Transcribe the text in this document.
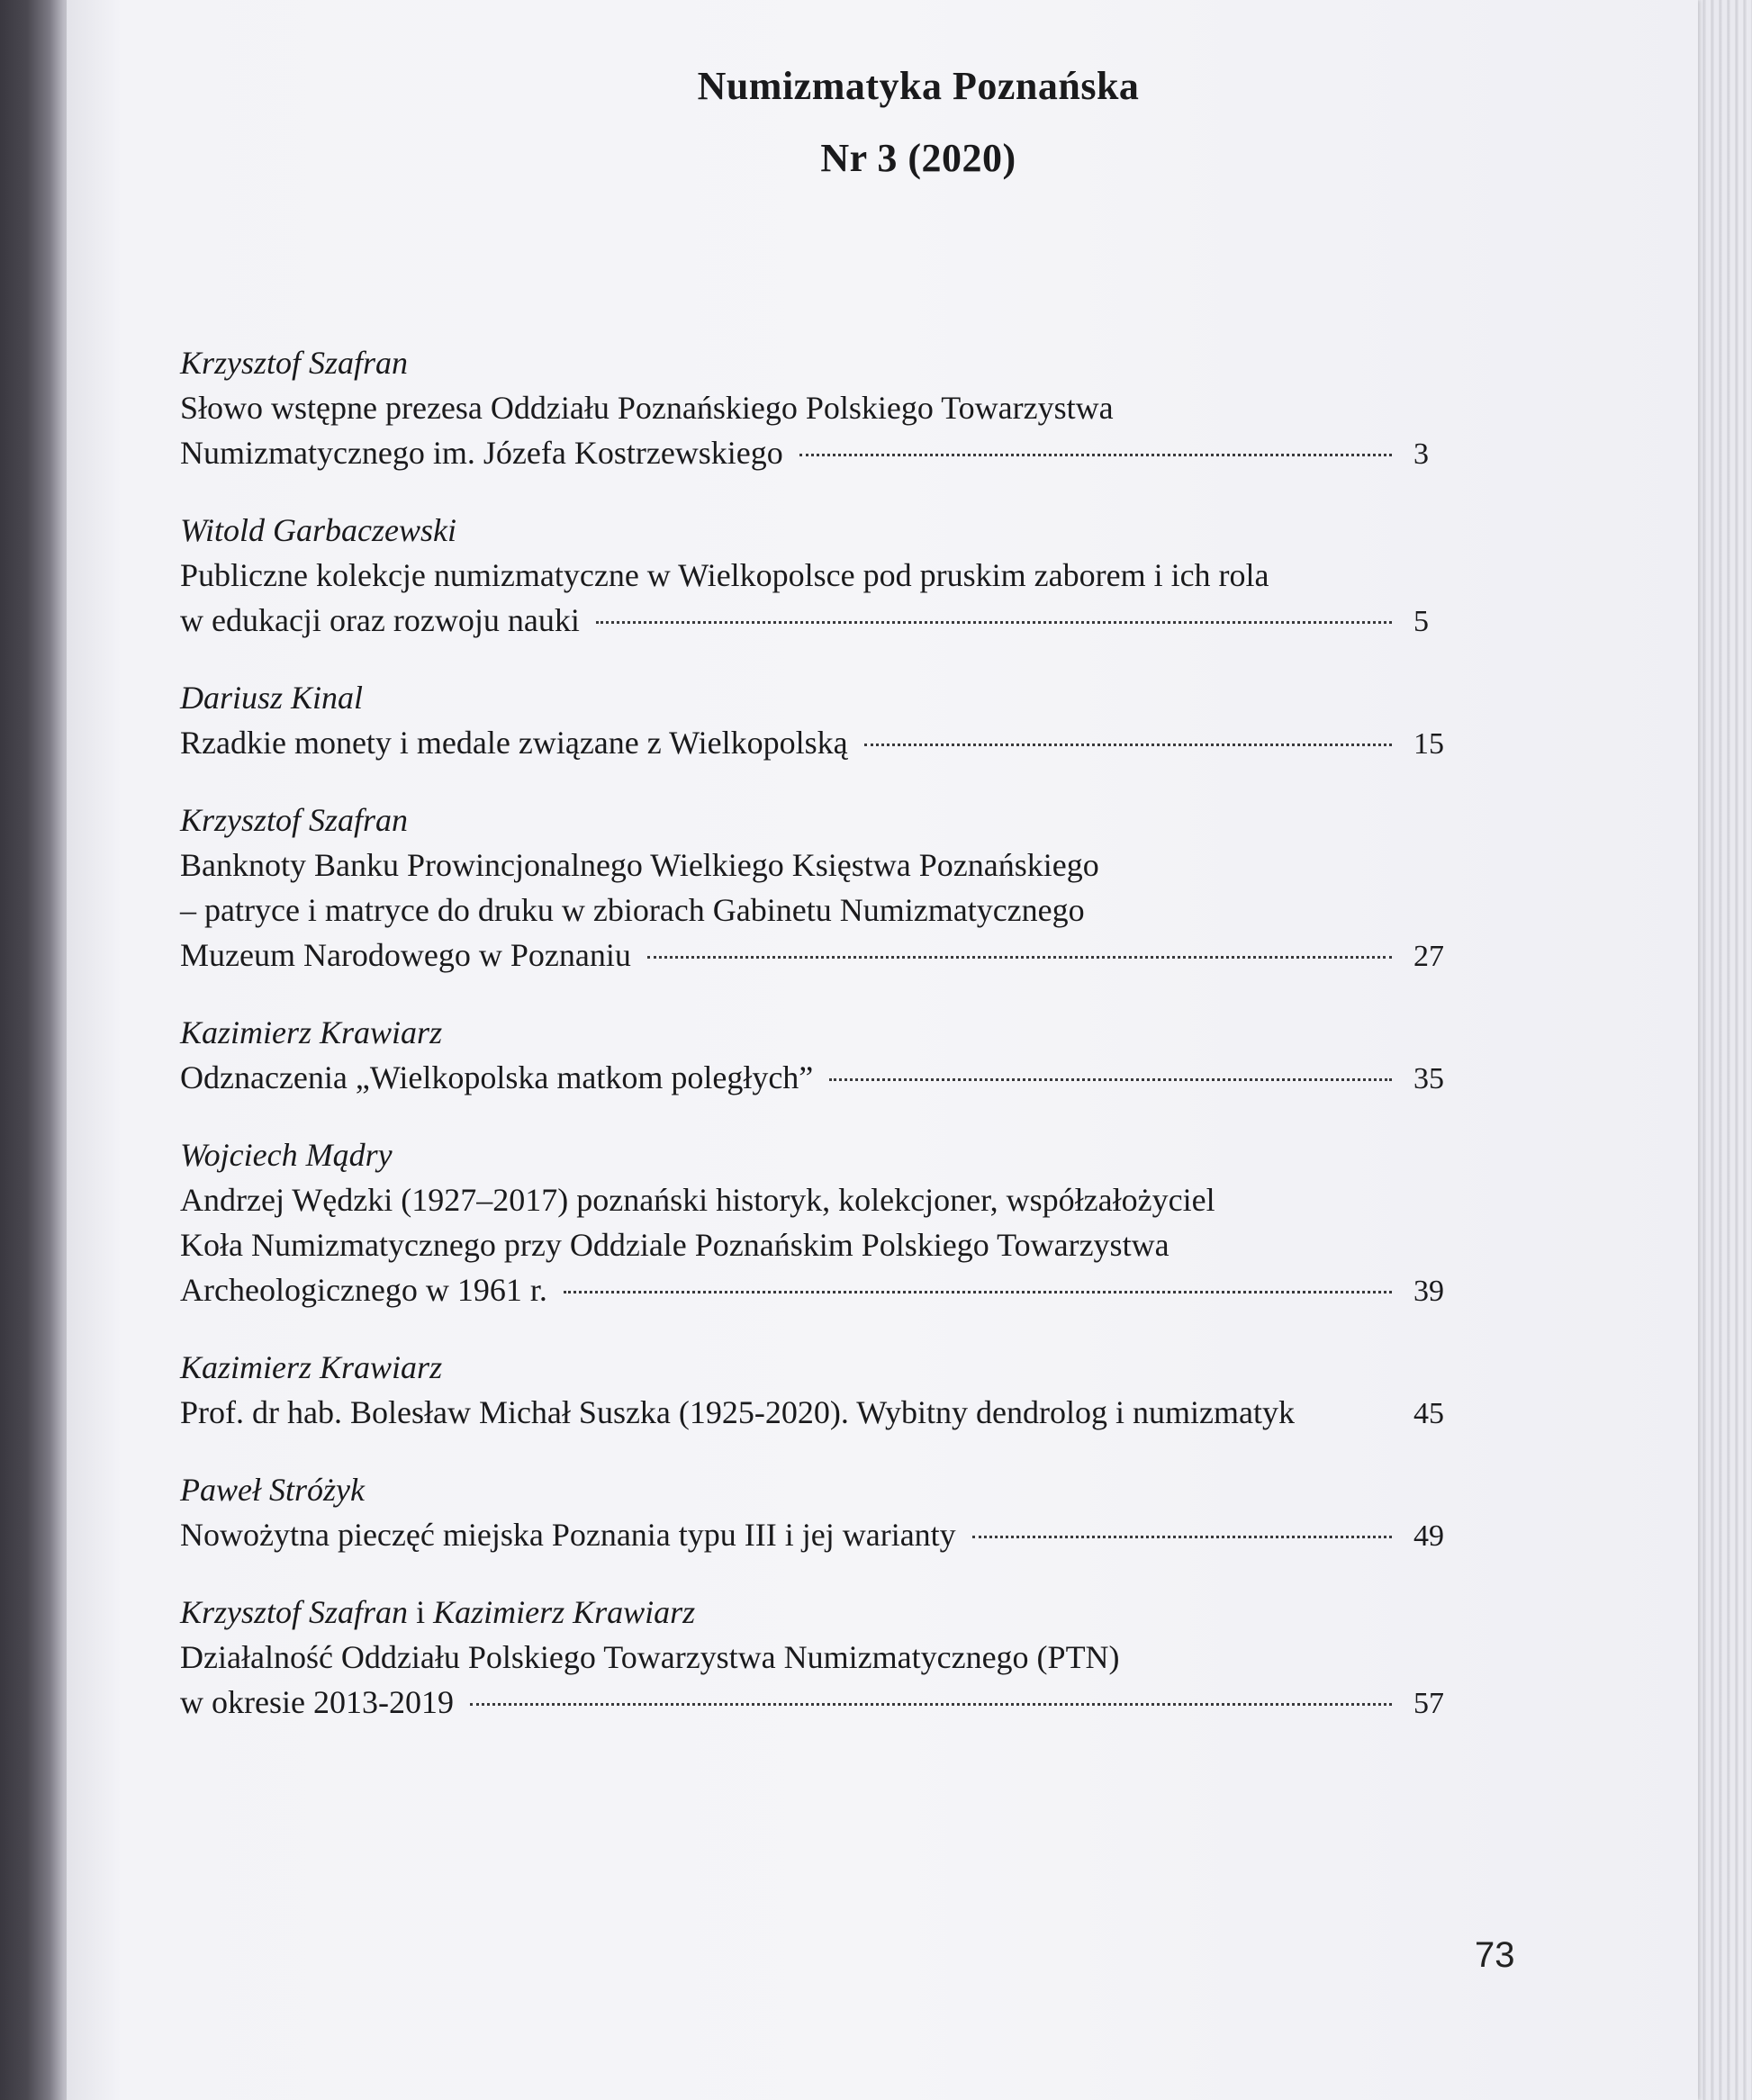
Numizmatyka Poznańska
Nr 3 (2020)
Krzysztof Szafran
Słowo wstępne prezesa Oddziału Poznańskiego Polskiego Towarzystwa
Numizmatycznego im. Józefa Kostrzewskiego	3
Witold Garbaczewski
Publiczne kolekcje numizmatyczne w Wielkopolsce pod pruskim zaborem i ich rola
w edukacji oraz rozwoju nauki	5
Dariusz Kinal
Rzadkie monety i medale związane z Wielkopolską	15
Krzysztof Szafran
Banknoty Banku Prowincjonalnego Wielkiego Księstwa Poznańskiego
– patryce i matryce do druku w zbiorach Gabinetu Numizmatycznego
Muzeum Narodowego w Poznaniu	27
Kazimierz Krawiarz
Odznaczenia „Wielkopolska matkom poległych”	35
Wojciech Mądry
Andrzej Wędzki (1927–2017) poznański historyk, kolekcjoner, współzałożyciel
Koła Numizmatycznego przy Oddziale Poznańskim Polskiego Towarzystwa
Archeologicznego w 1961 r.	39
Kazimierz Krawiarz
Prof. dr hab. Bolesław Michał Suszka (1925-2020). Wybitny dendrolog i numizmatyk	45
Paweł Stróżyk
Nowożytna pieczęć miejska Poznania typu III i jej warianty	49
Krzysztof Szafran i Kazimierz Krawiarz
Działalność Oddziału Polskiego Towarzystwa Numizmatycznego (PTN)
w okresie 2013-2019	57
73
